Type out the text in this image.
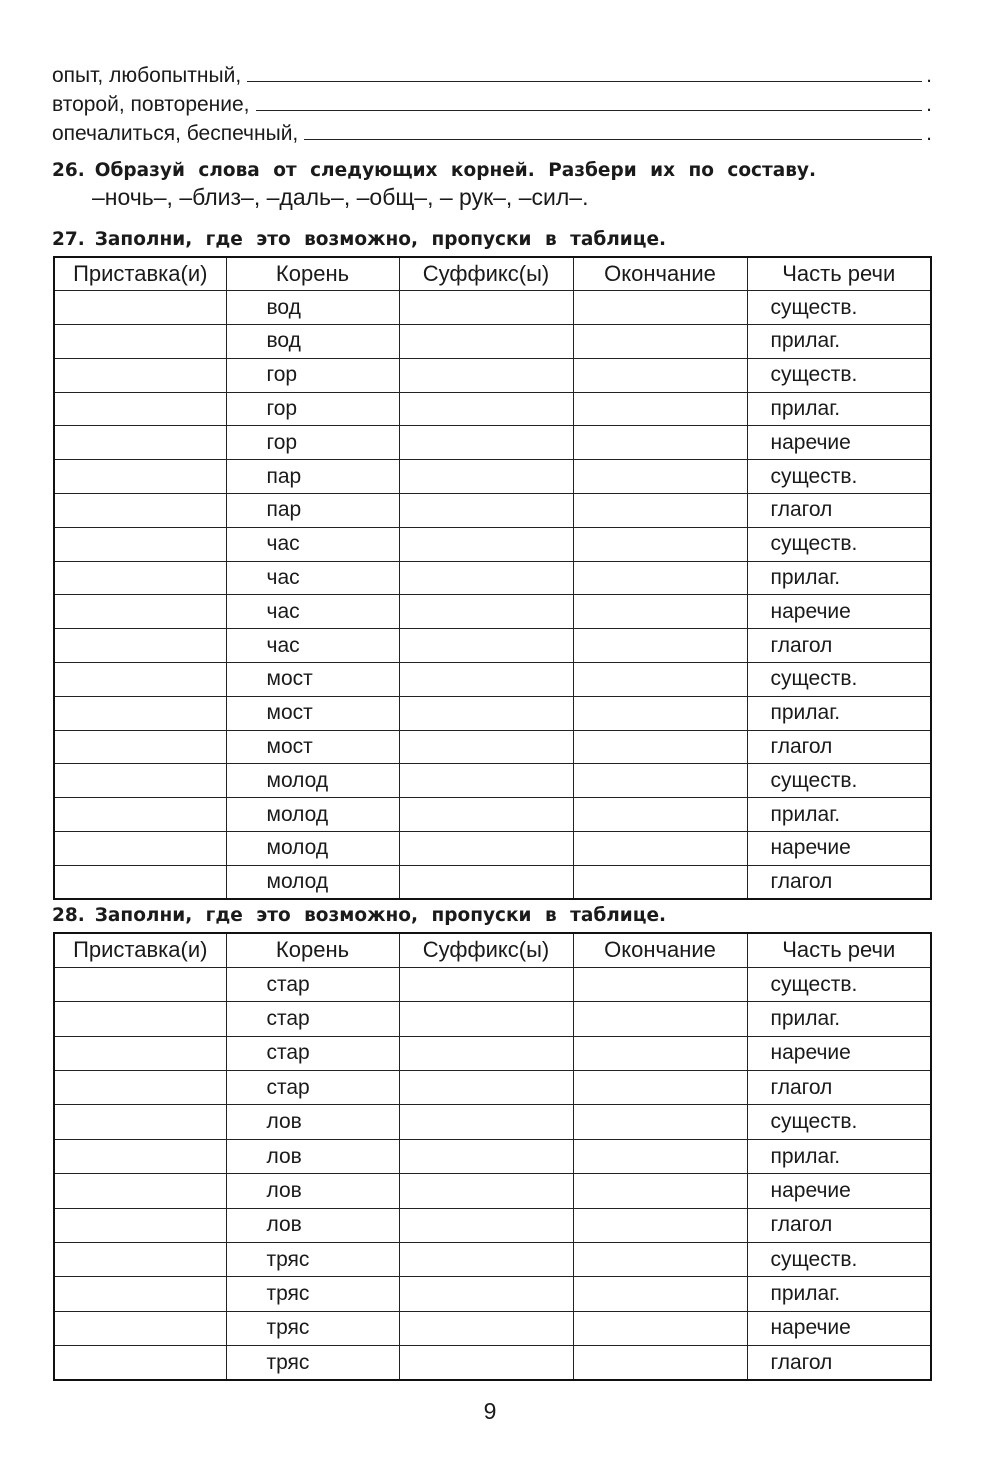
опыт, любопытный,	.
второй, повторение,	.
опечалиться, беспечный,	.
26. Образуй слова от следующих корней. Разбери их по составу.
–ночь–, –близ–, –даль–, –общ–, – рук–, –сил–.
27. Заполни, где это возможно, пропуски в таблице.
Приставка(и)	Корень	Суффикс(ы)	Окончание	Часть речи
	вод			существ.
	вод			прилаг.
	гор			существ.
	гор			прилаг.
	гор			наречие
	пар			существ.
	пар			глагол
	час			существ.
	час			прилаг.
	час			наречие
	час			глагол
	мост			существ.
	мост			прилаг.
	мост			глагол
	молод			существ.
	молод			прилаг.
	молод			наречие
	молод			глагол
28. Заполни, где это возможно, пропуски в таблице.
Приставка(и)	Корень	Суффикс(ы)	Окончание	Часть речи
	стар			существ.
	стар			прилаг.
	стар			наречие
	стар			глагол
	лов			существ.
	лов			прилаг.
	лов			наречие
	лов			глагол
	тряс			существ.
	тряс			прилаг.
	тряс			наречие
	тряс			глагол
9
